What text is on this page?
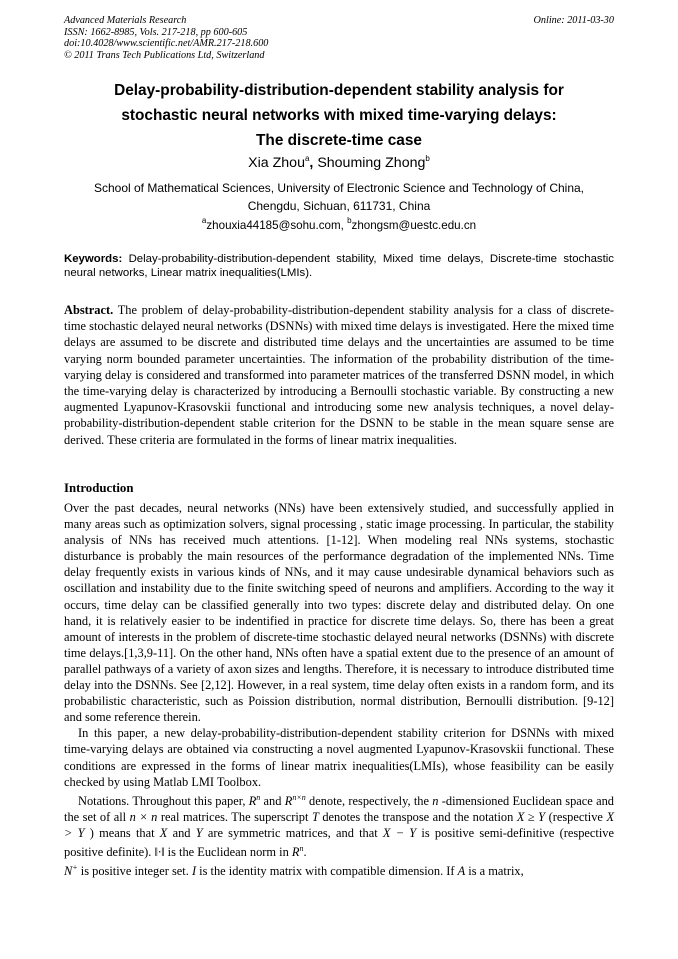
Advanced Materials Research
ISSN: 1662-8985, Vols. 217-218, pp 600-605
doi:10.4028/www.scientific.net/AMR.217-218.600
© 2011 Trans Tech Publications Ltd, Switzerland
Online: 2011-03-30
Delay-probability-distribution-dependent stability analysis for
stochastic neural networks with mixed time-varying delays:
The discrete-time case
Xia Zhou$^a$, Shouming Zhong$^b$
School of Mathematical Sciences, University of Electronic Science and Technology of China,
Chengdu, Sichuan, 611731, China
$^a$zhouxia44185@sohu.com, $^b$zhongsm@uestc.edu.cn
Keywords: Delay-probability-distribution-dependent stability, Mixed time delays, Discrete-time stochastic neural networks, Linear matrix inequalities(LMIs).
Abstract. The problem of delay-probability-distribution-dependent stability analysis for a class of discrete-time stochastic delayed neural networks (DSNNs) with mixed time delays is investigated. Here the mixed time delays are assumed to be discrete and distributed time delays and the uncertainties are assumed to be time varying norm bounded parameter uncertainties. The information of the probability distribution of the time-varying delay is considered and transformed into parameter matrices of the transferred DSNN model, in which the time-varying delay is characterized by introducing a Bernoulli stochastic variable. By constructing a new augmented Lyapunov-Krasovskii functional and introducing some new analysis techniques, a novel delay-probability-distribution-dependent stable criterion for the DSNN to be stable in the mean square sense are derived. These criteria are formulated in the forms of linear matrix inequalities.
Introduction

Over the past decades, neural networks (NNs) have been extensively studied, and successfully applied in many areas such as optimization solvers, signal processing , static image processing. In particular, the stability analysis of NNs has received much attentions. [1-12]. When modeling real NNs systems, stochastic disturbance is probably the main resources of the performance degradation of the implemented NNs. Time delay frequently exists in various kinds of NNs, and it may cause undesirable dynamical behaviors such as oscillation and instability due to the finite switching speed of neurons and amplifiers. According to the way it occurs, time delay can be classified generally into two types: discrete delay and distributed delay. On one hand, it is relatively easier to be indentified in practice for discrete time delays. So, there has been a great amount of interests in the problem of discrete-time stochastic delayed neural networks (DSNNs) with discrete time delays.[1,3,9-11]. On the other hand, NNs often have a spatial extent due to the presence of an amount of parallel pathways of a variety of axon sizes and lengths. Therefore, it is necessary to introduce distributed time delay into the DSNNs. See [2,12]. However, in a real system, time delay often exists in a random form, and its probabilistic characteristic, such as Poission distribution, normal distribution, Bernoulli distribution. [9-12] and some reference therein.

In this paper, a new delay-probability-distribution-dependent stability criterion for DSNNs with mixed time-varying delays are obtained via constructing a novel augmented Lyapunov-Krasovskii functional. These conditions are expressed in the forms of linear matrix inequalities(LMIs), whose feasibility can be easily checked by using Matlab LMI Toolbox.

Notations. Throughout this paper, $R^n$ and $R^{n\times n}$ denote, respectively, the n -dimensioned Euclidean space and the set of all n × n real matrices. The superscript T denotes the transpose and the notation X ≥ Y (respective X > Y ) means that X and Y are symmetric matrices, and that X − Y is positive semi-definitive (respective positive definite). ‖·‖ is the Euclidean norm in $R^n$.

N+ is positive integer set. I is the identity matrix with compatible dimension. If A is a matrix,
